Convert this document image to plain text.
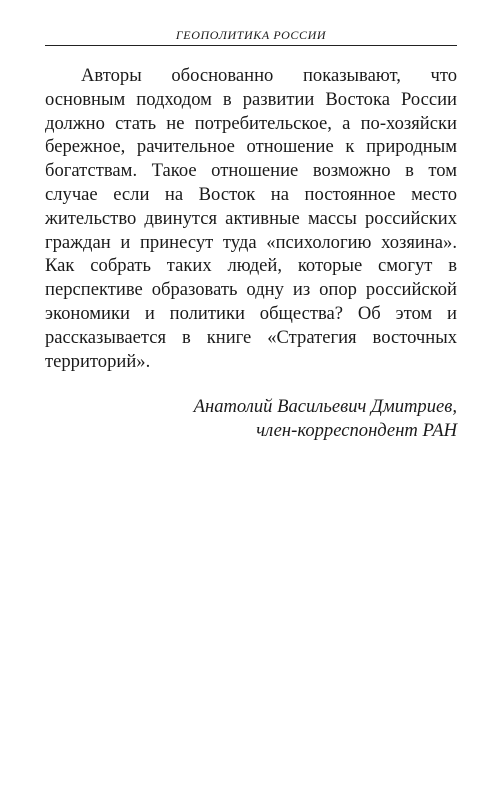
ГЕОПОЛИТИКА РОССИИ

Авторы обоснованно показывают, что основным подходом в развитии Востока России должно стать не потребительское, а по-хозяйски бережное, рачительное отношение к природным богатствам. Такое отношение возможно в том случае если на Восток на постоянное место жительство двинутся активные массы российских граждан и принесут туда «психологию хозяина». Как собрать таких людей, которые смогут в перспективе образовать одну из опор российской экономики и политики общества? Об этом и рассказывается в книге «Стратегия восточных территорий».

Анатолий Васильевич Дмитриев,
член-корреспондент РАН
